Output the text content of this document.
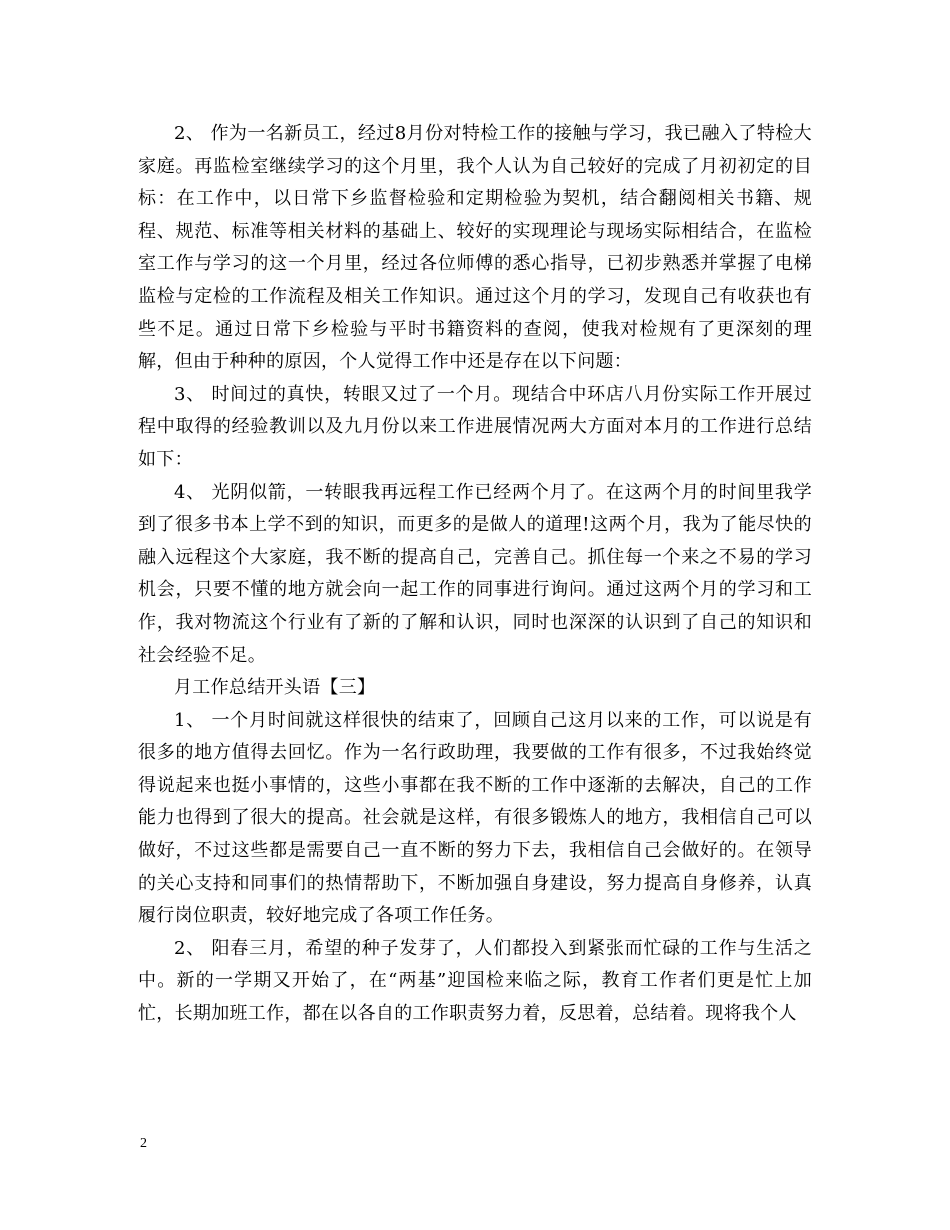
2、 作为一名新员工，经过8月份对特检工作的接触与学习，我已融入了特检大家庭。再监检室继续学习的这个月里，我个人认为自己较好的完成了月初初定的目标：在工作中，以日常下乡监督检验和定期检验为契机，结合翻阅相关书籍、规程、规范、标准等相关材料的基础上、较好的实现理论与现场实际相结合，在监检室工作与学习的这一个月里，经过各位师傅的悉心指导，已初步熟悉并掌握了电梯监检与定检的工作流程及相关工作知识。通过这个月的学习，发现自己有收获也有些不足。通过日常下乡检验与平时书籍资料的查阅，使我对检规有了更深刻的理解，但由于种种的原因，个人觉得工作中还是存在以下问题：

3、 时间过的真快，转眼又过了一个月。现结合中环店八月份实际工作开展过程中取得的经验教训以及九月份以来工作进展情况两大方面对本月的工作进行总结如下：

4、 光阴似箭，一转眼我再远程工作已经两个月了。在这两个月的时间里我学到了很多书本上学不到的知识，而更多的是做人的道理!这两个月，我为了能尽快的融入远程这个大家庭，我不断的提高自己，完善自己。抓住每一个来之不易的学习机会，只要不懂的地方就会向一起工作的同事进行询问。通过这两个月的学习和工作，我对物流这个行业有了新的了解和认识，同时也深深的认识到了自己的知识和社会经验不足。

月工作总结开头语【三】

1、 一个月时间就这样很快的结束了，回顾自己这月以来的工作，可以说是有很多的地方值得去回忆。作为一名行政助理，我要做的工作有很多，不过我始终觉得说起来也挺小事情的，这些小事都在我不断的工作中逐渐的去解决，自己的工作能力也得到了很大的提高。社会就是这样，有很多锻炼人的地方，我相信自己可以做好，不过这些都是需要自己一直不断的努力下去，我相信自己会做好的。在领导的关心支持和同事们的热情帮助下，不断加强自身建设，努力提高自身修养，认真履行岗位职责，较好地完成了各项工作任务。

2、 阳春三月，希望的种子发芽了，人们都投入到紧张而忙碌的工作与生活之中。新的一学期又开始了，在“两基”迎国检来临之际，教育工作者们更是忙上加忙，长期加班工作，都在以各自的工作职责努力着，反思着，总结着。现将我个人

2
